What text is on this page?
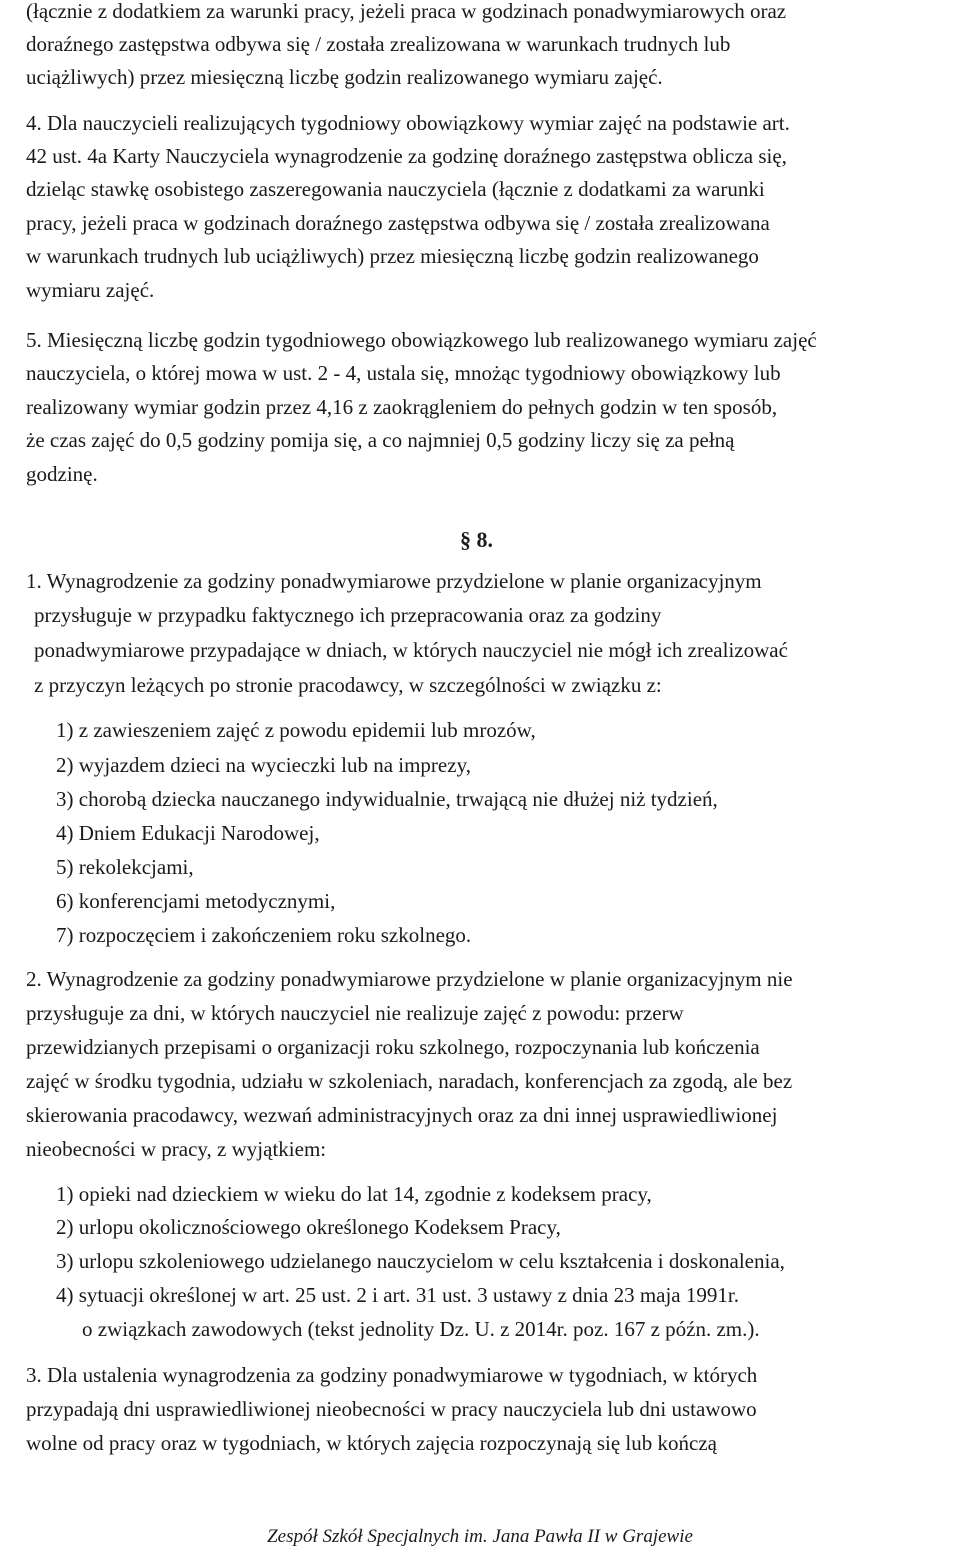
(łącznie z dodatkiem za warunki pracy, jeżeli praca w godzinach ponadwymiarowych oraz
doraźnego zastępstwa odbywa się / została zrealizowana w warunkach trudnych lub
uciążliwych) przez miesięczną liczbę godzin realizowanego wymiaru zajęć.
4. Dla nauczycieli realizujących tygodniowy obowiązkowy wymiar zajęć na podstawie art.
42 ust. 4a Karty Nauczyciela wynagrodzenie za godzinę doraźnego zastępstwa oblicza się,
dzieląc stawkę osobistego zaszeregowania nauczyciela (łącznie z dodatkami za warunki
pracy, jeżeli praca w godzinach doraźnego zastępstwa odbywa się / została zrealizowana
w warunkach trudnych lub uciążliwych) przez miesięczną liczbę godzin realizowanego
wymiaru zajęć.
5. Miesięczną liczbę godzin tygodniowego obowiązkowego lub realizowanego wymiaru zajęć
nauczyciela, o której mowa w ust. 2 - 4, ustala się, mnożąc tygodniowy obowiązkowy lub
realizowany wymiar godzin przez 4,16 z zaokrągleniem do pełnych godzin w ten sposób,
że czas zajęć do 0,5 godziny pomija się, a co najmniej 0,5 godziny liczy się za pełną
godzinę.
§ 8.
1. Wynagrodzenie za godziny ponadwymiarowe przydzielone w planie organizacyjnym
przysługuje w przypadku faktycznego ich przepracowania oraz za godziny
ponadwymiarowe przypadające w dniach, w których nauczyciel nie mógł ich zrealizować
z przyczyn leżących po stronie pracodawcy, w szczególności w związku z:
1) z zawieszeniem zajęć z powodu epidemii lub mrozów,
2) wyjazdem dzieci na wycieczki lub na imprezy,
3) chorobą dziecka nauczanego indywidualnie, trwającą nie dłużej niż tydzień,
4) Dniem Edukacji Narodowej,
5) rekolekcjami,
6) konferencjami metodycznymi,
7) rozpoczęciem i zakończeniem roku szkolnego.
2. Wynagrodzenie za godziny ponadwymiarowe przydzielone w planie organizacyjnym nie
przysługuje za dni, w których nauczyciel nie realizuje zajęć z powodu: przerw
przewidzianych przepisami o organizacji roku szkolnego, rozpoczynania lub kończenia
zajęć w środku tygodnia, udziału w szkoleniach, naradach, konferencjach za zgodą, ale bez
skierowania pracodawcy, wezwań administracyjnych oraz za dni innej usprawiedliwionej
nieobecności w pracy, z wyjątkiem:
1) opieki nad dzieckiem w wieku do lat 14, zgodnie z kodeksem pracy,
2) urlopu okolicznościowego określonego Kodeksem Pracy,
3) urlopu szkoleniowego udzielanego nauczycielom w celu kształcenia i doskonalenia,
4) sytuacji określonej w art. 25 ust. 2 i art. 31 ust. 3 ustawy z dnia 23 maja 1991r.
o związkach zawodowych (tekst jednolity Dz. U. z 2014r. poz. 167 z późn. zm.).
3. Dla ustalenia wynagrodzenia za godziny ponadwymiarowe w tygodniach, w których
przypadają dni usprawiedliwionej nieobecności w pracy nauczyciela lub dni ustawowo
wolne od pracy oraz w tygodniach, w których zajęcia rozpoczynają się lub kończą
Zespół Szkół Specjalnych im. Jana Pawła II w Grajewie
